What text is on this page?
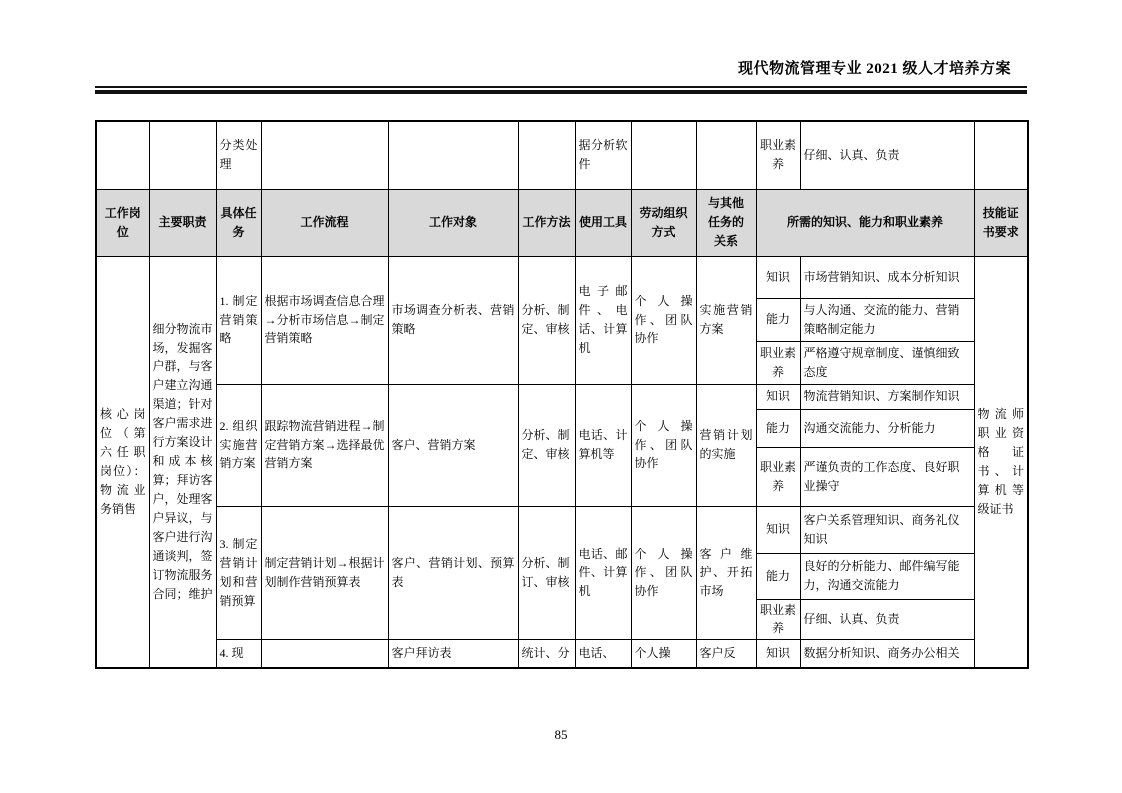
现代物流管理专业 2021 级人才培养方案
		分类处理				据分析软件			职业素养	仔细、认真、负责	
工作岗位	主要职责	具体任务	工作流程	工作对象	工作方法	使用工具	劳动组织方式	与其他任务的关系	所需的知识、能力和职业素养		技能证书要求
核心岗位（第六任职岗位）：物流业务销售	细分物流市场，发掘客户群，与客户建立沟通渠道；针对客户需求进行方案设计和成本核算；拜访客户，处理客户异议，与客户进行沟通谈判，签订物流服务合同；维护	1. 制定营销策略	根据市场调查信息合理→分析市场信息→制定营销策略	市场调查分析表、营销策略	分析、制定、审核	电子邮件、电话、计算机	个人操作、团队协作	实施营销方案	知识	市场营销知识、成本分析知识	物流师职业资格证书、计算机等级证书
									能力	与人沟通、交流的能力、营销策略制定能力	
									职业素养	严格遵守规章制度、谨慎细致态度	
		2. 组织实施营销方案	跟踪物流营销进程→制定营销方案→选择最优营销方案	客户、营销方案	分析、制定、审核	电话、计算机等	个人操作、团队协作	营销计划的实施	知识	物流营销知识、方案制作知识	
									能力	沟通交流能力、分析能力	
									职业素养	严谨负责的工作态度、良好职业操守	
		3. 制定营销计划和营销预算	制定营销计划→根据计划制作营销预算表	客户、营销计划、预算表	分析、制订、审核	电话、邮件、计算机	个人操作、团队协作	客户维护、开拓市场	知识	客户关系管理知识、商务礼仪知识	
									能力	良好的分析能力、邮件编写能力，沟通交流能力	
									职业素养	仔细、认真、负责	
		4. 现		客户拜访表	统计、分	电话、	个人操	客户反	知识	数据分析知识、商务办公相关	
85
